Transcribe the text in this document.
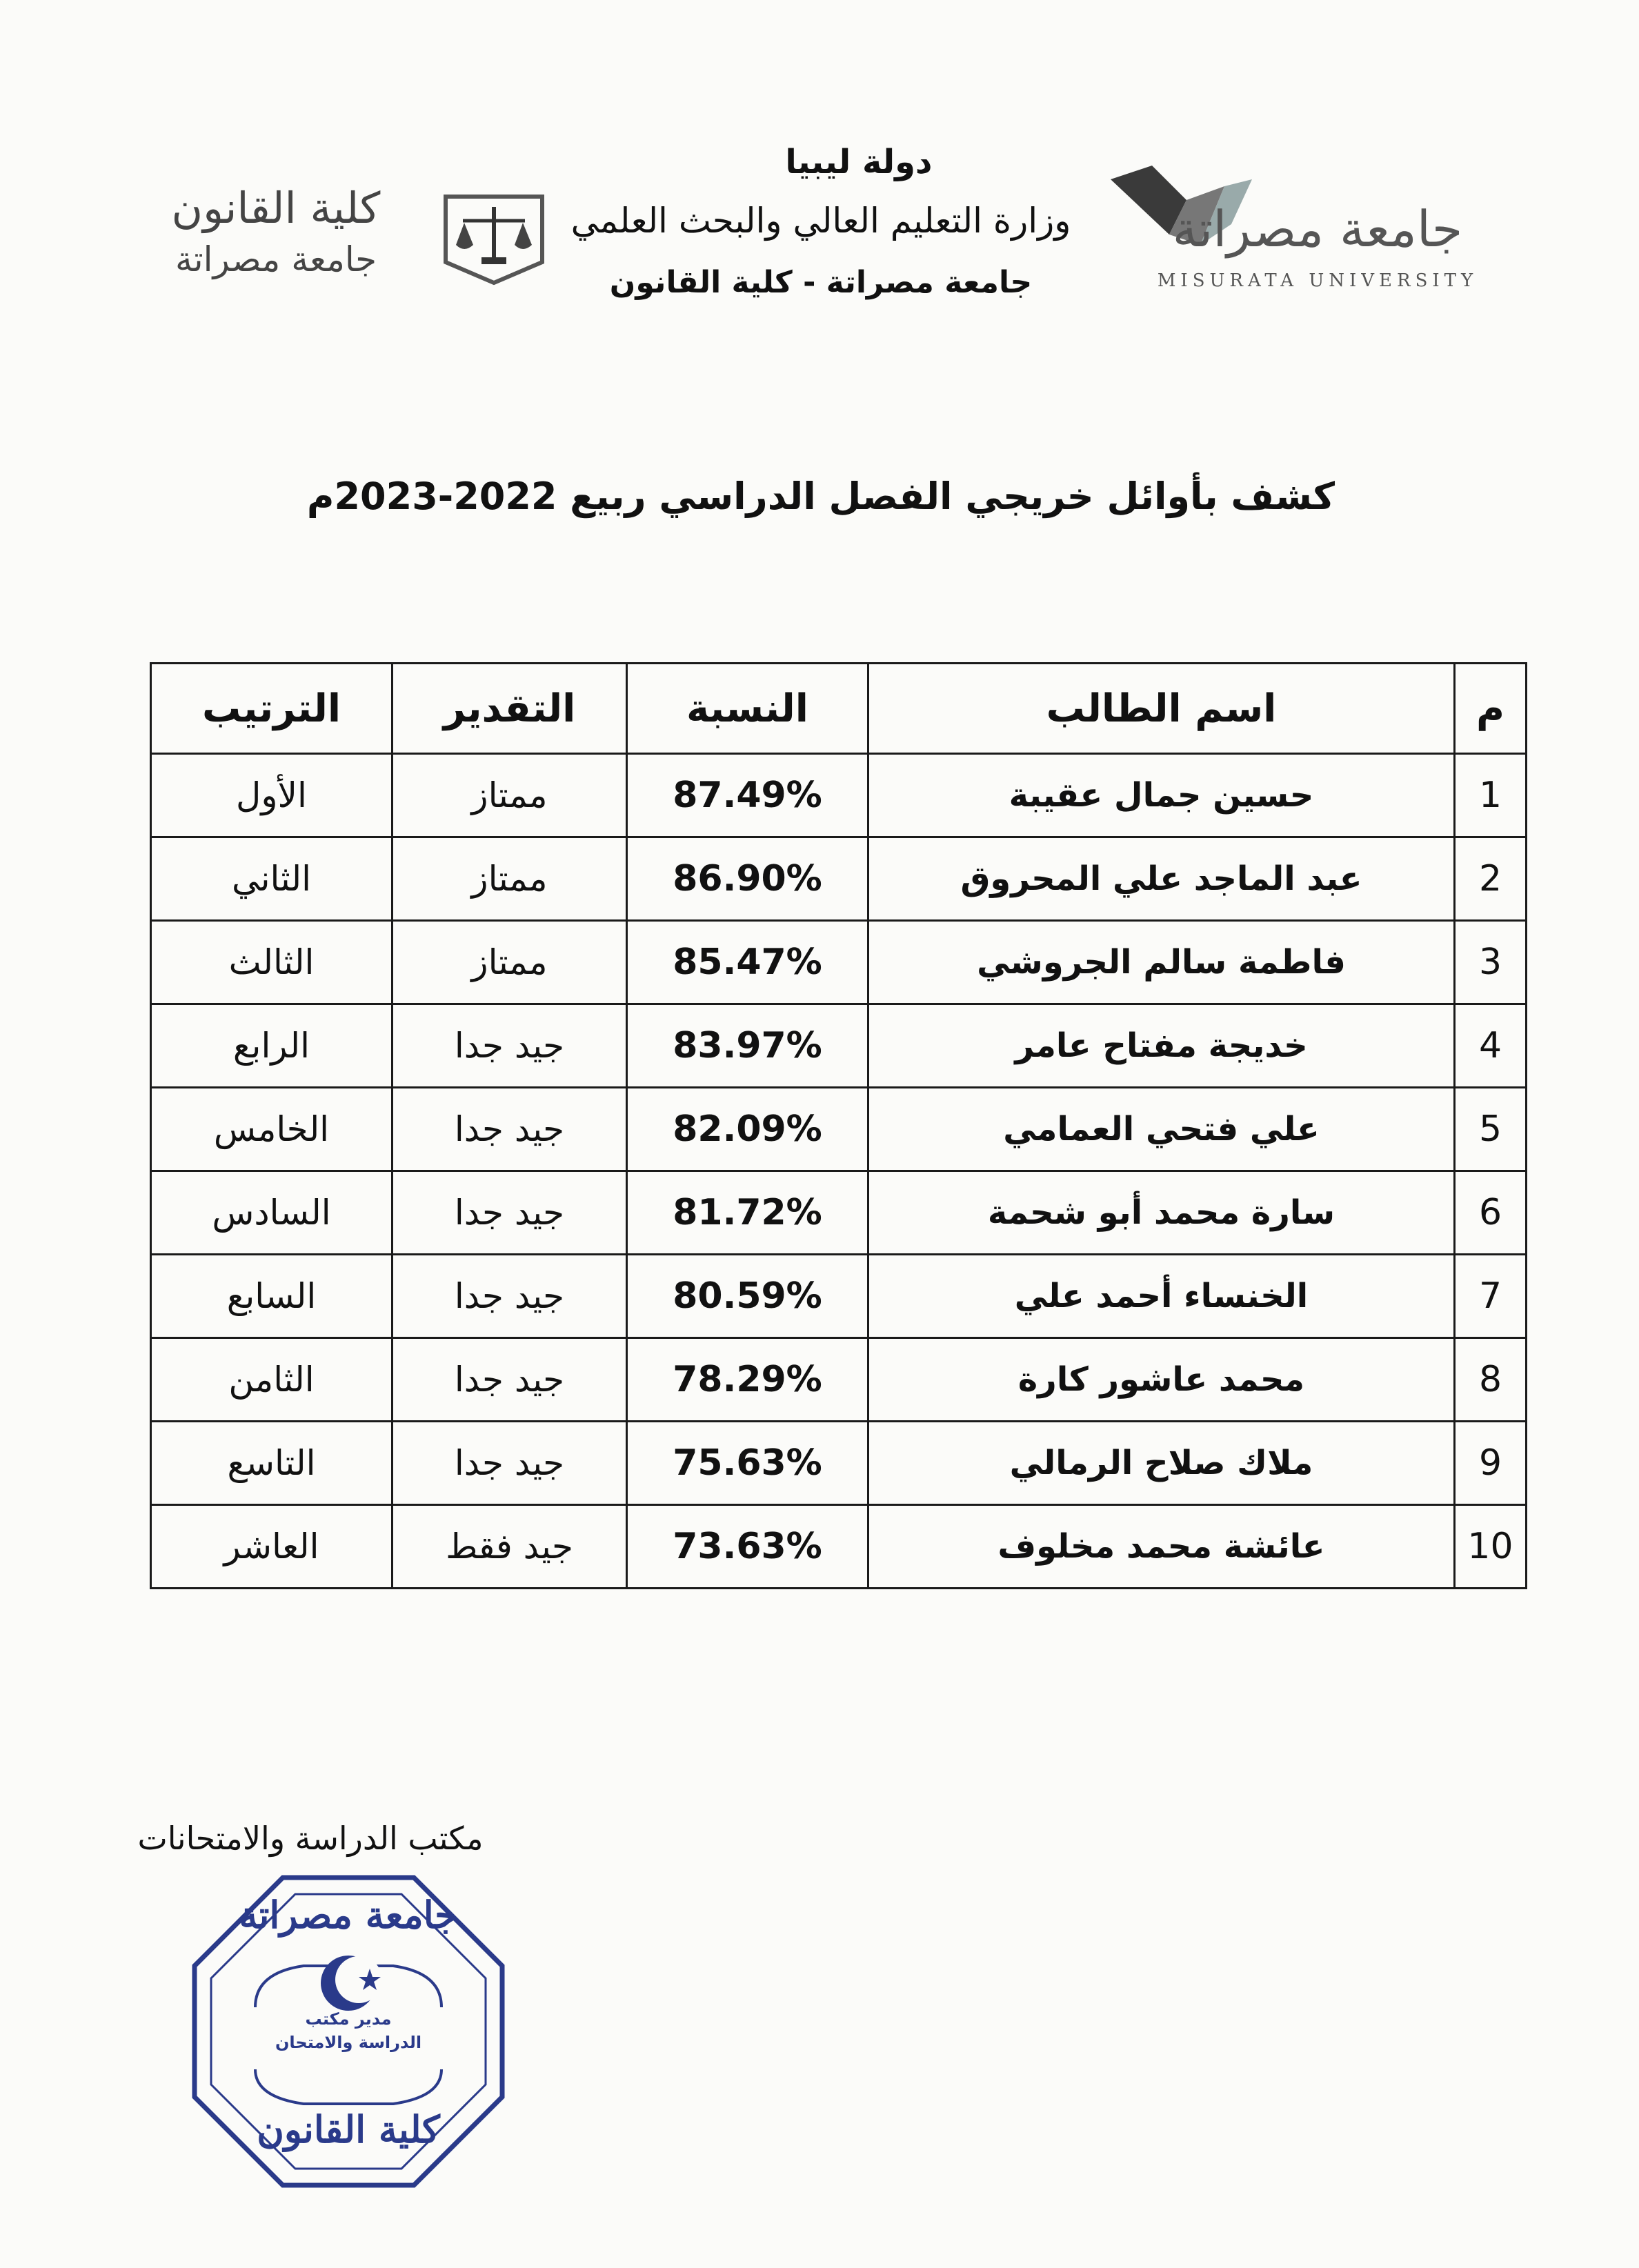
دولة ليبيا
وزارة التعليم العالي والبحث العلمي
جامعة مصراتة - كلية القانون
جامعة مصراتة
MISURATA UNIVERSITY
كلية القانون
جامعة مصراتة
كشف بأوائل خريجي الفصل الدراسي ربيع 2022-2023م
م	اسم الطالب	النسبة	التقدير	الترتيب
1	حسين جمال عقيبة	87.49%	ممتاز	الأول
2	عبد الماجد علي المحروق	86.90%	ممتاز	الثاني
3	فاطمة سالم الجروشي	85.47%	ممتاز	الثالث
4	خديجة مفتاح عامر	83.97%	جيد جدا	الرابع
5	علي فتحي العمامي	82.09%	جيد جدا	الخامس
6	سارة محمد أبو شحمة	81.72%	جيد جدا	السادس
7	الخنساء أحمد علي	80.59%	جيد جدا	السابع
8	محمد عاشور كارة	78.29%	جيد جدا	الثامن
9	ملاك صلاح الرمالي	75.63%	جيد جدا	التاسع
10	عائشة محمد مخلوف	73.63%	جيد فقط	العاشر
مكتب الدراسة والامتحانات
جامعة مصراتة
مدير مكتب
الدراسة والامتحان
كلية القانون
